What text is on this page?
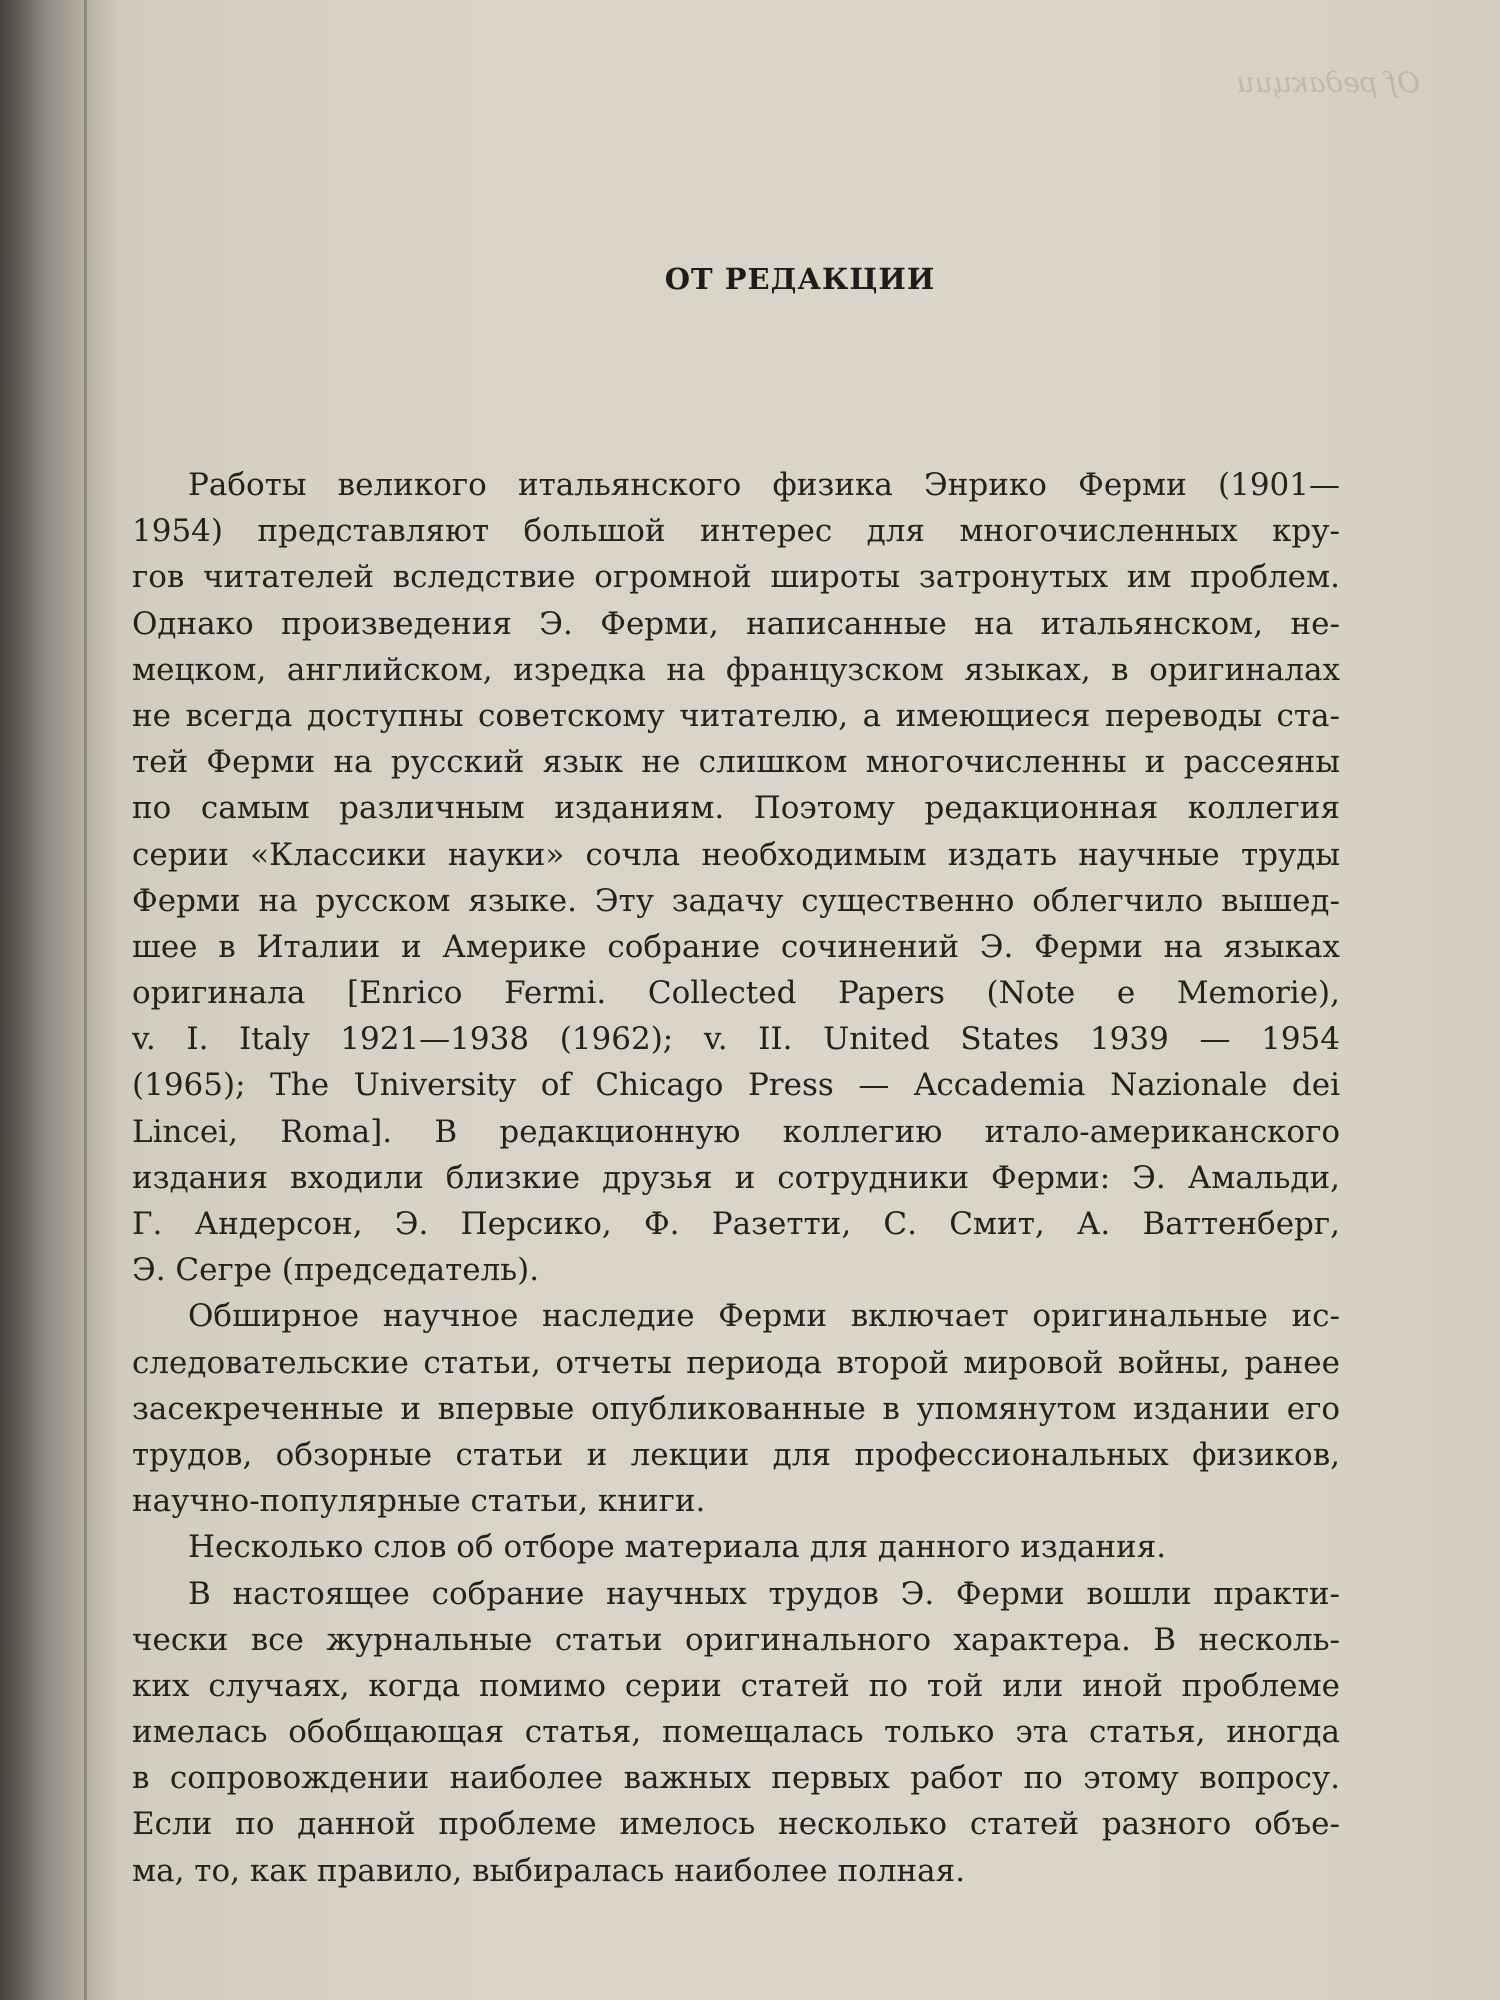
Of редакции
ОТ РЕДАКЦИИ
Работы великого итальянского физика Энрико Ферми (1901—
1954) представляют большой интерес для многочисленных кру-
гов читателей вследствие огромной широты затронутых им проблем.
Однако произведения Э. Ферми, написанные на итальянском, не-
мецком, английском, изредка на французском языках, в оригиналах
не всегда доступны советскому читателю, а имеющиеся переводы ста-
тей Ферми на русский язык не слишком многочисленны и рассеяны
по самым различным изданиям. Поэтому редакционная коллегия
серии «Классики науки» сочла необходимым издать научные труды
Ферми на русском языке. Эту задачу существенно облегчило вышед-
шее в Италии и Америке собрание сочинений Э. Ферми на языках
оригинала [Enrico Fermi. Collected Papers (Note e Memorie),
v. I. Italy 1921—1938 (1962); v. II. United States 1939 — 1954
(1965); The University of Chicago Press — Accademia Nazionale dei
Lincei, Roma]. В редакционную коллегию итало-американского
издания входили близкие друзья и сотрудники Ферми: Э. Амальди,
Г. Андерсон, Э. Персико, Ф. Разетти, С. Смит, А. Ваттенберг,
Э. Сегре (председатель).
Обширное научное наследие Ферми включает оригинальные ис-
следовательские статьи, отчеты периода второй мировой войны, ранее
засекреченные и впервые опубликованные в упомянутом издании его
трудов, обзорные статьи и лекции для профессиональных физиков,
научно-популярные статьи, книги.
Несколько слов об отборе материала для данного издания.
В настоящее собрание научных трудов Э. Ферми вошли практи-
чески все журнальные статьи оригинального характера. В несколь-
ких случаях, когда помимо серии статей по той или иной проблеме
имелась обобщающая статья, помещалась только эта статья, иногда
в сопровождении наиболее важных первых работ по этому вопросу.
Если по данной проблеме имелось несколько статей разного объе-
ма, то, как правило, выбиралась наиболее полная.
